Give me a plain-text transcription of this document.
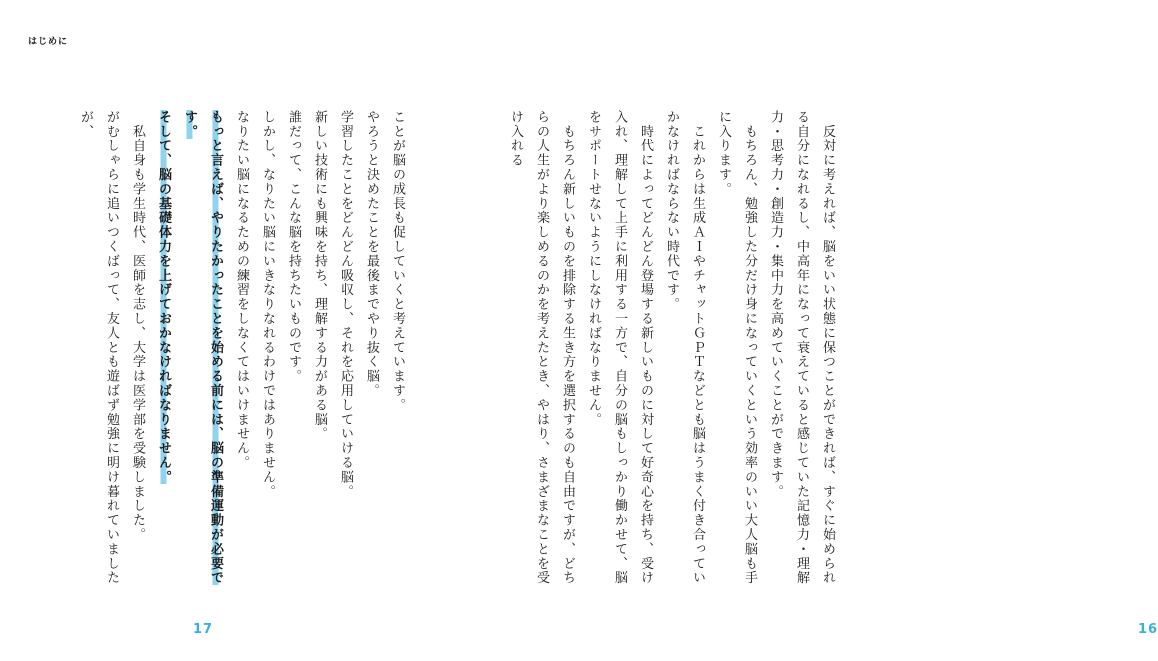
はじめに

ことが脳の成長も促していくと考えています。

やろうと決めたことを最後までやり抜く脳。

学習したことをどんどん吸収し、それを応用していける脳。

新しい技術にも興味を持ち、理解する力がある脳。

誰だって、こんな脳を持ちたいものです。

しかし、なりたい脳にいきなりなれるわけではありません。

なりたい脳になるための練習をしなくてはいけません。

もっと言えば、やりたかったことを始める前には、脳の準備運動が必要です。

そして、脳の基礎体力を上げておかなければなりません。

　私自身も学生時代、医師を志し、大学は医学部を受験しました。

がむしゃらに追いつくばって、友人とも遊ばず勉強に明け暮れていましたが、

17

　反対に考えれば、脳をいい状態に保つことができれば、すぐに始められる自分になれるし、中高年になって衰えていると感じていた記憶力・理解力・思考力・創造力・集中力を高めていくことができます。

　もちろん、勉強した分だけ身になっていくという効率のいい大人脳も手に入ります。

　これからは生成ＡＩやチャットＧＰＴなどとも脳はうまく付き合っていかなければならない時代です。

　時代によってどんどん登場する新しいものに対して好奇心を持ち、受け入れ、理解して上手に利用する一方で、自分の脳もしっかり働かせて、脳をサポートせないようにしなければなりません。

　もちろん新しいものを排除する生き方を選択するのも自由ですが、どちらの人生がより楽しめるのかを考えたとき、やはり、さまざまなことを受け入れる

16
